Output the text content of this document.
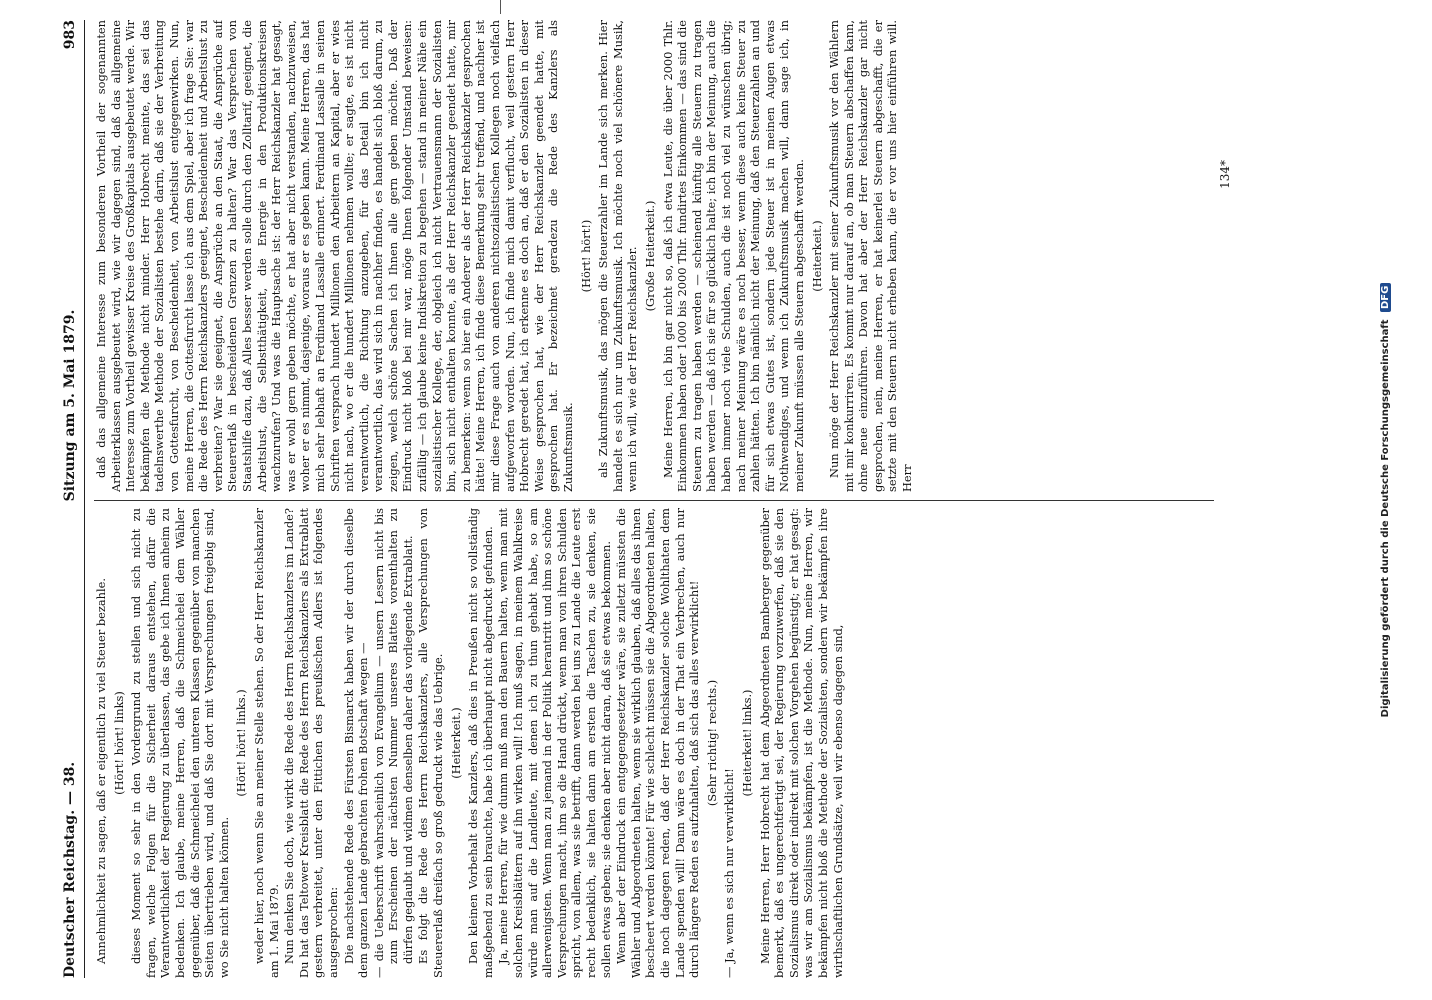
Deutscher Reichstag. — 38.
Sitzung am 5. Mai 1879.
983

Annehmlichkeit zu sagen, daß er eigentlich zu viel Steuer bezahle. (Hört! hört! links) dieses Moment so sehr in den Vordergrund zu stellen und sich nicht zu fragen, welche Folgen für die Sicherheit daraus entstehen, dafür die Verantwortlichkeit der Regierung zu überlassen, das gebe ich Ihnen anheim zu bedenken. Ich glaube, meine Herren, daß die Schmeichelei dem Wähler gegenüber, daß die Schmeichelei den unteren Klassen gegenüber von manchen Seiten übertrieben wird, und daß Sie dort mit Versprechungen freigebig sind, wo Sie nicht halten können.

(Hört! hört! links.) weder hier, noch wenn Sie an meiner Stelle stehen. So der Herr Reichskanzler am 1. Mai 1879. Nun denken Sie doch, wie wirkt die Rede des Herrn Reichskanzlers im Lande? Du hat das Teltower Kreisblatt die Rede des Herrn Reichskanzlers als Extrablatt gestern verbreitet, unter den Fittichen des preußischen Adlers ist folgendes ausgesprochen: Die nachstehende Rede des Fürsten Bismarck haben wir der durch dieselbe dem ganzen Lande gebrachten frohen Botschaft wegen — — die Ueberschrift wahrscheinlich von Evangelium — unsern Lesern nicht bis zum Erscheinen der nächsten Nummer unseres Blattes vorenthalten zu dürfen geglaubt und widmen denselben daher das vorliegende Extrablatt. Es folgt die Rede des Herrn Reichskanzlers, alle Versprechungen von Steuererlaß dreifach so groß gedruckt wie das Uebrige. (Heiterkeit.) Den kleinen Vorbehalt des Kanzlers, daß dies in Preußen nicht so vollständig maßgebend zu sein brauchte, habe ich überhaupt nicht abgedruckt gefunden. Ja, meine Herren, für wie dumm muß man den Bauern halten, wenn man mit solchen Kreisblättern auf ihn wirken will! Ich muß sagen, in meinem Wahlkreise würde man auf die Landleute, mit denen ich zu thun gehabt habe, so am allerwenigsten. Wenn man zu jemand in der Politik herantritt und ihm so schöne Versprechungen macht, ihm so die Hand drückt, wenn man von ihren Schulden spricht, von allem, was sie betrifft, dann werden bei uns zu Lande die Leute erst recht bedenklich, sie halten dann am ersten die Taschen zu, sie denken, sie sollen etwas geben; sie denken aber nicht daran, daß sie etwas bekommen. Wenn aber der Eindruck ein entgegengesetzter wäre, sie zuletzt müssten die Wähler und Abgeordneten halten, wenn sie wirklich glauben, daß alles das ihnen bescheert werden könnte! Für wie schlecht müssen sie die Abgeordneten halten, die noch dagegen reden, daß der Herr Reichskanzler solche Wohlthaten dem Lande spenden will! Dann wäre es doch in der That ein Verbrechen, auch nur durch längere Reden es aufzuhalten, daß sich das alles verwirklicht! (Sehr richtig! rechts.)

— Ja, wenn es sich nur verwirklicht!

(Heiterkeit! links.) Meine Herren, Herr Hobrecht hat dem Abgeordneten Bamberger gegenüber bemerkt, daß es ungerechtfertigt sei, der Regierung vorzuwerfen, daß sie den Sozialismus direkt oder indirekt mit solchen Vorgehen begünstigt; er hat gesagt: was wir am Sozialismus bekämpfen, ist die Methode. Nun, meine Herren, wir bekämpfen nicht bloß die Methode der Sozialisten, sondern wir bekämpfen ihre wirthschaftlichen Grundsätze, weil wir ebenso dagegen sind,

daß das allgemeine Interesse zum besonderen Vortheil der sogenannten Arbeiterklassen ausgebeutet wird, wie wir dagegen sind, daß das allgemeine Interesse zum Vortheil gewisser Kreise des Großkapitals ausgebeutet werde. Wir bekämpfen die Methode nicht minder. Herr Hobrecht meinte, das sei das tadelnswerthe Methode der Sozialisten bestehe darin, daß sie der Verbreitung von Gottesfurcht, von Bescheidenheit, von Arbeitslust entgegenwirken. Nun, meine Herren, die Gottesfurcht lasse ich aus dem Spiel, aber ich frage Sie: war die Rede des Herrn Reichskanzlers geeignet, Bescheidenheit und Arbeitslust zu verbreiten? War sie geeignet, die Ansprüche an den Staat, die Ansprüche auf Steuererlaß in bescheidenen Grenzen zu halten? War das Versprechen von Staatshilfe dazu, daß Alles besser werden solle durch den Zolltarif, geeignet, die Arbeitslust, die Selbstthätigkeit, die Energie in den Produktionskreisen wachzurufen? Und was die Hauptsache ist: der Herr Reichskanzler hat gesagt, was er wohl gern geben möchte, er hat aber nicht verstanden, nachzuweisen, woher er es nimmt, dasjenige, woraus er es geben kann. Meine Herren, das hat mich sehr lebhaft an Ferdinand Lassalle erinnert. Ferdinand Lassalle in seinen Schriften versprach hundert Millionen den Arbeitern an Kapital, aber er wies nicht nach, wo er die hundert Millionen nehmen wollte; er sagte, es ist nicht verantwortlich, die Richtung anzugeben, für das Detail bin ich nicht verantwortlich, das wird sich in nachher finden, es handelt sich bloß darum, zu zeigen, welch schöne Sachen ich Ihnen alle gern geben möchte. Daß der Eindruck nicht bloß bei mir war, möge Ihnen folgender Umstand beweisen: zufällig — ich glaube keine Indiskretion zu begehen — stand in meiner Nähe ein sozialistischer Kollege, der, obgleich ich nicht Vertrauensmann der Sozialisten bin, sich nicht enthalten konnte, als der Herr Reichskanzler geendet hatte, mir zu bemerken: wenn so hier ein Anderer als der Herr Reichskanzler gesprochen hätte! Meine Herren, ich finde diese Bemerkung sehr treffend, und nachher ist mir diese Frage auch von anderen nichtsozialistischen Kollegen noch vielfach aufgeworfen worden. Nun, ich finde mich damit verflucht, weil gestern Herr Hobrecht geredet hat, ich erkenne es doch an, daß er den Sozialisten in dieser Weise gesprochen hat, wie der Herr Reichskanzler geendet hatte, mit gesprochen hat. Er bezeichnet geradezu die Rede des Kanzlers als Zukunftsmusik.

(Hört! hört!) als Zukunftsmusik, das mögen die Steuerzahler im Lande sich merken. Hier handelt es sich nur um Zukunftsmusik. Ich möchte noch viel schönere Musik, wenn ich will, wie der Herr Reichskanzler. (Große Heiterkeit.) Meine Herren, ich bin gar nicht so, daß ich etwa Leute, die über 2000 Thlr. Einkommen haben oder 1000 bis 2000 Thlr. fundirtes Einkommen — das sind die Steuern zu tragen haben werden — scheinend künftig alle Steuern zu tragen haben werden — daß ich sie für so glücklich halte; ich bin der Meinung, auch die haben immer noch viele Schulden, auch die ist noch viel zu wünschen übrig; nach meiner Meinung wäre es noch besser, wenn diese auch keine Steuer zu zahlen hätten. Ich bin nämlich nicht der Meinung, daß den Steuerzahlen an und für sich etwas Gutes ist, sondern jede Steuer ist in meinen Augen etwas Nothwendiges, und wenn ich Zukunftsmusik machen will, dann sage ich, in meiner Zukunft müssen alle Steuern abgeschafft werden. (Heiterkeit.) Nun möge der Herr Reichskanzler mit seiner Zukunftsmusik vor den Wählern mit mir konkurriren. Es kommt nur darauf an, ob man Steuern abschaffen kann, ohne neue einzuführen. Davon hat aber der Herr Reichskanzler gar nicht gesprochen, nein, meine Herren, er hat keinerlei Steuern abgeschafft, die er setzte mit den Steuern nicht erheben kann, die er vor uns hier einführen will. Herr

134*
Digitalisierung gefördert durch die Deutsche Forschungsgemeinschaft DFG
